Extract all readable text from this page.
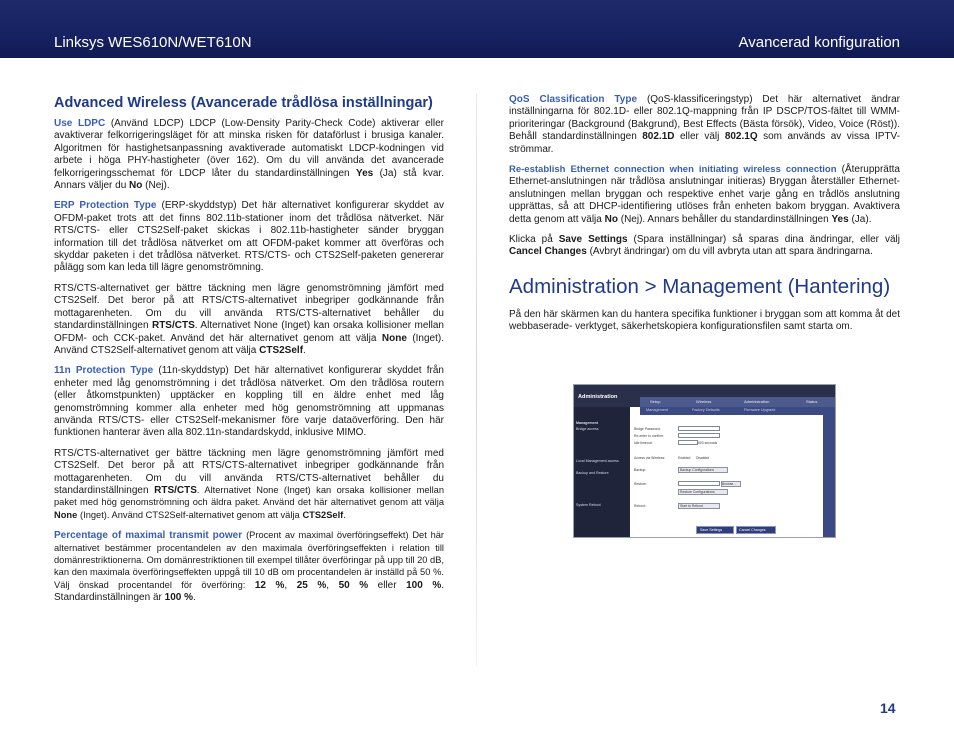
Linksys WES610N/WET610N	Avancerad konfiguration
Advanced Wireless (Avancerade trådlösa inställningar)

Use LDPC (Använd LDCP) LDCP (Low-Density Parity-Check Code) aktiverar eller avaktiverar felkorrigeringsläget för att minska risken för dataförlust i brusiga kanaler. Algoritmen för hastighetsanpassning avaktiverade automatiskt LDCP-kodningen vid arbete i höga PHY-hastigheter (över 162). Om du vill använda det avancerade felkorrigeringsschemat för LDCP låter du standardinställningen Yes (Ja) stå kvar. Annars väljer du No (Nej).

ERP Protection Type (ERP-skyddstyp) Det här alternativet konfigurerar skyddet av OFDM-paket trots att det finns 802.11b-stationer inom det trådlösa nätverket. När RTS/CTS- eller CTS2Self-paket skickas i 802.11b-hastigheter sänder bryggan information till det trådlösa nätverket om att OFDM-paket kommer att överföras och skyddar paketen i det trådlösa nätverket. RTS/CTS- och CTS2Self-paketen genererar pålägg som kan leda till lägre genomströmning.

RTS/CTS-alternativet ger bättre täckning men lägre genomströmning jämfört med CTS2Self. Det beror på att RTS/CTS-alternativet inbegriper godkännande från mottagarenheten. Om du vill använda RTS/CTS-alternativet behåller du standardinställningen RTS/CTS. Alternativet None (Inget) kan orsaka kollisioner mellan OFDM- och CCK-paket. Använd det här alternativet genom att välja None (Inget). Använd CTS2Self-alternativet genom att välja CTS2Self.

11n Protection Type (11n-skyddstyp) Det här alternativet konfigurerar skyddet från enheter med låg genomströmning i det trådlösa nätverket. Om den trådlösa routern (eller åtkomstpunkten) upptäcker en koppling till en äldre enhet med låg genomströmning kommer alla enheter med hög genomströmning att uppmanas använda RTS/CTS- eller CTS2Self-mekanismer före varje dataöverföring. Den här funktionen hanterar även alla 802.11n-standardskydd, inklusive MIMO.

RTS/CTS-alternativet ger bättre täckning men lägre genomströmning jämfört med CTS2Self. Det beror på att RTS/CTS-alternativet inbegriper godkännande från mottagarenheten. Om du vill använda RTS/CTS-alternativet behåller du standardinställningen RTS/CTS. Alternativet None (Inget) kan orsaka kollisioner mellan paket med hög genomströmning och äldra paket. Använd det här alternativet genom att välja None (Inget). Använd CTS2Self-alternativet genom att välja CTS2Self.

Percentage of maximal transmit power (Procent av maximal överföringseffekt) Det här alternativet bestämmer procentandelen av den maximala överföringseffekten i relation till domänrestriktionerna. Om domänrestriktionen till exempel tillåter överföringar på upp till 20 dB, kan den maximala överföringseffekten uppgå till 10 dB om procentandelen är inställd på 50 %. Välj önskad procentandel för överföring: 12 %, 25 %, 50 % eller 100 %. Standardinställningen är 100 %.

QoS Classification Type (QoS-klassificeringstyp) Det här alternativet ändrar inställningarna för 802.1D- eller 802.1Q-mappning från IP DSCP/TOS-fältet till WMM-prioriteringar (Background (Bakgrund), Best Effects (Bästa försök), Video, Voice (Röst)). Behåll standardinställningen 802.1D eller välj 802.1Q som används av vissa IPTV-strömmar.

Re-establish Ethernet connection when initiating wireless connection (Återupprätta Ethernet-anslutningen när trådlösa anslutningar initieras) Bryggan återställer Ethernet-anslutningen mellan bryggan och respektive enhet varje gång en trådlös anslutning upprättas, så att DHCP-identifiering utlöses från enheten bakom bryggan. Avaktivera detta genom att välja No (Nej). Annars behåller du standardinställningen Yes (Ja).

Klicka på Save Settings (Spara inställningar) så sparas dina ändringar, eller välj Cancel Changes (Avbryt ändringar) om du vill avbryta utan att spara ändringarna.

Administration > Management (Hantering)

På den här skärmen kan du hantera specifika funktioner i bryggan som att komma åt det webbaserade- verktyget, säkerhetskopiera konfigurationsfilen samt starta om.

Administration
Setup	Wireless	Administration	Status
Management	Factory Defaults	Firmware Upgrade
Management
Bridge access
Local Management access
Backup and Restore
System Reboot
Bridge Password:
Re-enter to confirm:
Idle timeout:	600 seconds
Access via Wireless:	Enabled Disabled
Backup:	Backup Configurations
Restore:	Browse...
Restore Configurations
Reboot:	Start to Reboot
Save Settings	Cancel Changes
14
